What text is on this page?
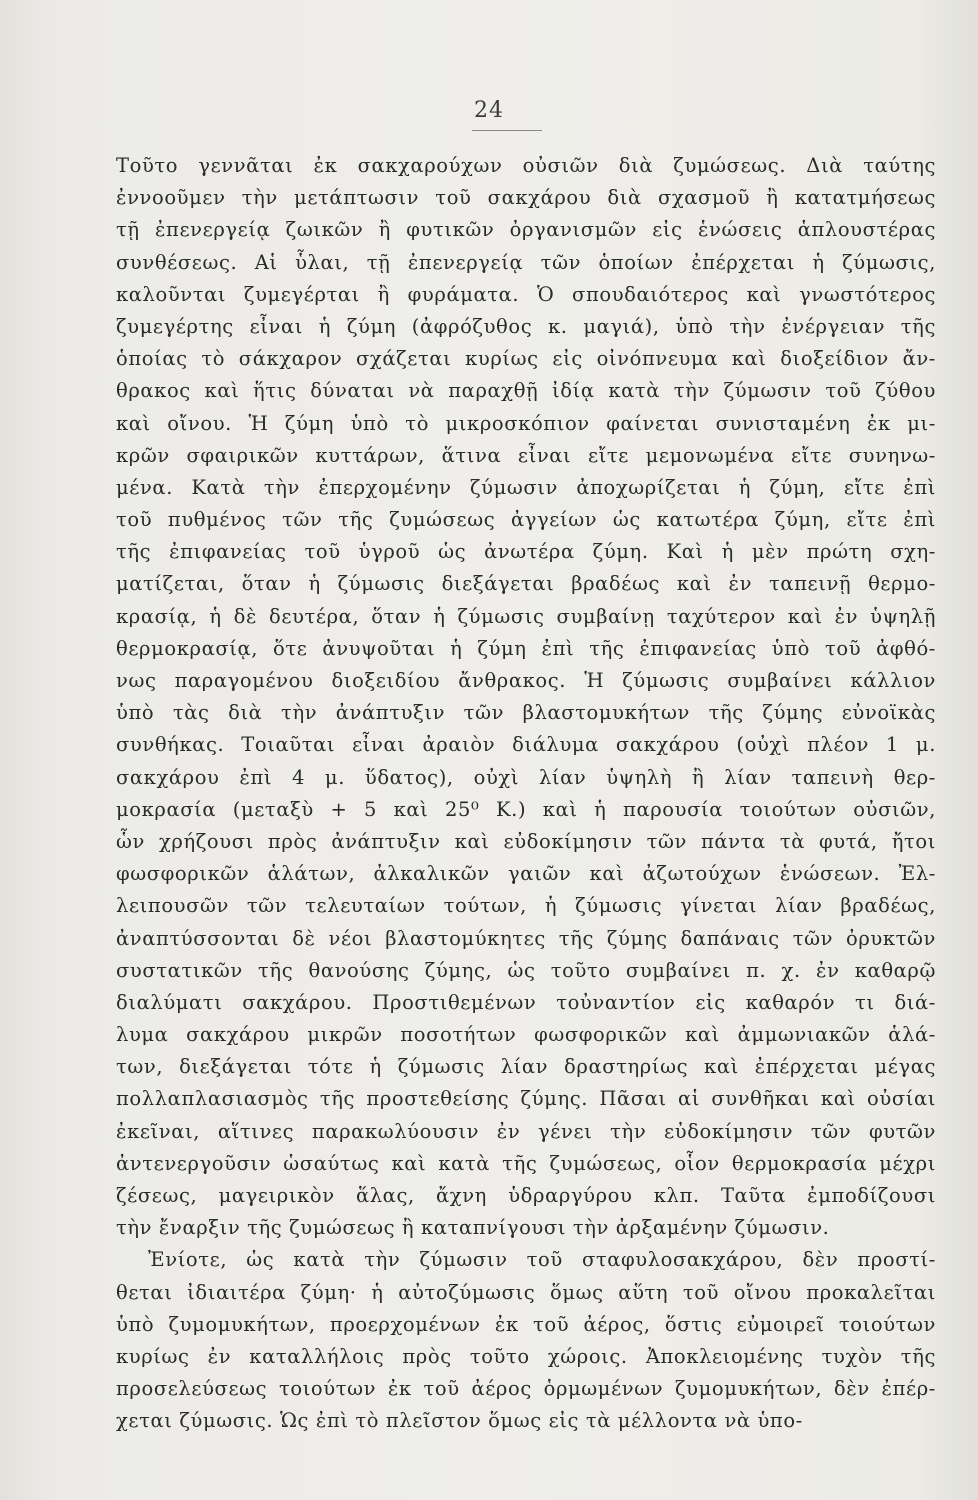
24
Τοῦτο γεννᾶται ἐκ σακχαρούχων οὐσιῶν διὰ ζυμώσεως. Διὰ ταύτης
ἐννοοῦμεν τὴν μετάπτωσιν τοῦ σακχάρου διὰ σχασμοῦ ἢ κατατμήσεως
τῇ ἐπενεργείᾳ ζωικῶν ἢ φυτικῶν ὀργανισμῶν εἰς ἑνώσεις ἁπλουστέρας
συνθέσεως. Αἱ ὗλαι, τῇ ἐπενεργείᾳ τῶν ὁποίων ἐπέρχεται ἡ ζύμωσις,
καλοῦνται ζυμεγέρται ἢ φυράματα. Ὁ σπουδαιότερος καὶ γνωστότερος
ζυμεγέρτης εἶναι ἡ ζύμη (ἀφρόζυθος κ. μαγιά), ὑπὸ τὴν ἐνέργειαν τῆς
ὁποίας τὸ σάκχαρον σχάζεται κυρίως εἰς οἰνόπνευμα καὶ διοξείδιον ἄν-
θρακος καὶ ἥτις δύναται νὰ παραχθῇ ἰδίᾳ κατὰ τὴν ζύμωσιν τοῦ ζύθου
καὶ οἴνου. Ἡ ζύμη ὑπὸ τὸ μικροσκόπιον φαίνεται συνισταμένη ἐκ μι-
κρῶν σφαιρικῶν κυττάρων, ἅτινα εἶναι εἴτε μεμονωμένα εἴτε συνηνω-
μένα. Κατὰ τὴν ἐπερχομένην ζύμωσιν ἀποχωρίζεται ἡ ζύμη, εἴτε ἐπὶ
τοῦ πυθμένος τῶν τῆς ζυμώσεως ἀγγείων ὡς κατωτέρα ζύμη, εἴτε ἐπὶ
τῆς ἐπιφανείας τοῦ ὑγροῦ ὡς ἀνωτέρα ζύμη. Καὶ ἡ μὲν πρώτη σχη-
ματίζεται, ὅταν ἡ ζύμωσις διεξάγεται βραδέως καὶ ἐν ταπεινῇ θερμο-
κρασίᾳ, ἡ δὲ δευτέρα, ὅταν ἡ ζύμωσις συμβαίνῃ ταχύτερον καὶ ἐν ὑψηλῇ
θερμοκρασίᾳ, ὅτε ἀνυψοῦται ἡ ζύμη ἐπὶ τῆς ἐπιφανείας ὑπὸ τοῦ ἀφθό-
νως παραγομένου διοξειδίου ἄνθρακος. Ἡ ζύμωσις συμβαίνει κάλλιον
ὑπὸ τὰς διὰ τὴν ἀνάπτυξιν τῶν βλαστομυκήτων τῆς ζύμης εὐνοϊκὰς
συνθήκας. Τοιαῦται εἶναι ἀραιὸν διάλυμα σακχάρου (οὐχὶ πλέον 1 μ.
σακχάρου ἐπὶ 4 μ. ὕδατος), οὐχὶ λίαν ὑψηλὴ ἢ λίαν ταπεινὴ θερ-
μοκρασία (μεταξὺ + 5 καὶ 25⁰ Κ.) καὶ ἡ παρουσία τοιούτων οὐσιῶν,
ὧν χρήζουσι πρὸς ἀνάπτυξιν καὶ εὐδοκίμησιν τῶν πάντα τὰ φυτά, ἤτοι
φωσφορικῶν ἁλάτων, ἀλκαλικῶν γαιῶν καὶ ἀζωτούχων ἑνώσεων. Ἐλ-
λειπουσῶν τῶν τελευταίων τούτων, ἡ ζύμωσις γίνεται λίαν βραδέως,
ἀναπτύσσονται δὲ νέοι βλαστομύκητες τῆς ζύμης δαπάναις τῶν ὀρυκτῶν
συστατικῶν τῆς θανούσης ζύμης, ὡς τοῦτο συμβαίνει π. χ. ἐν καθαρῷ
διαλύματι σακχάρου. Προστιθεμένων τοὐναντίον εἰς καθαρόν τι διά-
λυμα σακχάρου μικρῶν ποσοτήτων φωσφορικῶν καὶ ἀμμωνιακῶν ἁλά-
των, διεξάγεται τότε ἡ ζύμωσις λίαν δραστηρίως καὶ ἐπέρχεται μέγας
πολλαπλασιασμὸς τῆς προστεθείσης ζύμης. Πᾶσαι αἱ συνθῆκαι καὶ οὐσίαι
ἐκεῖναι, αἵτινες παρακωλύουσιν ἐν γένει τὴν εὐδοκίμησιν τῶν φυτῶν
ἀντενεργοῦσιν ὡσαύτως καὶ κατὰ τῆς ζυμώσεως, οἷον θερμοκρασία μέχρι
ζέσεως, μαγειρικὸν ἅλας, ἄχνη ὑδραργύρου κλπ. Ταῦτα ἐμποδίζουσι
τὴν ἔναρξιν τῆς ζυμώσεως ἢ καταπνίγουσι τὴν ἀρξαμένην ζύμωσιν.
Ἐνίοτε, ὡς κατὰ τὴν ζύμωσιν τοῦ σταφυλοσακχάρου, δὲν προστί-
θεται ἰδιαιτέρα ζύμη· ἡ αὐτοζύμωσις ὅμως αὕτη τοῦ οἴνου προκαλεῖται
ὑπὸ ζυμομυκήτων, προερχομένων ἐκ τοῦ ἀέρος, ὅστις εὐμοιρεῖ τοιούτων
κυρίως ἐν καταλλήλοις πρὸς τοῦτο χώροις. Ἀποκλειομένης τυχὸν τῆς
προσελεύσεως τοιούτων ἐκ τοῦ ἀέρος ὁρμωμένων ζυμομυκήτων, δὲν ἐπέρ-
χεται ζύμωσις. Ὡς ἐπὶ τὸ πλεῖστον ὅμως εἰς τὰ μέλλοντα νὰ ὑπο-
